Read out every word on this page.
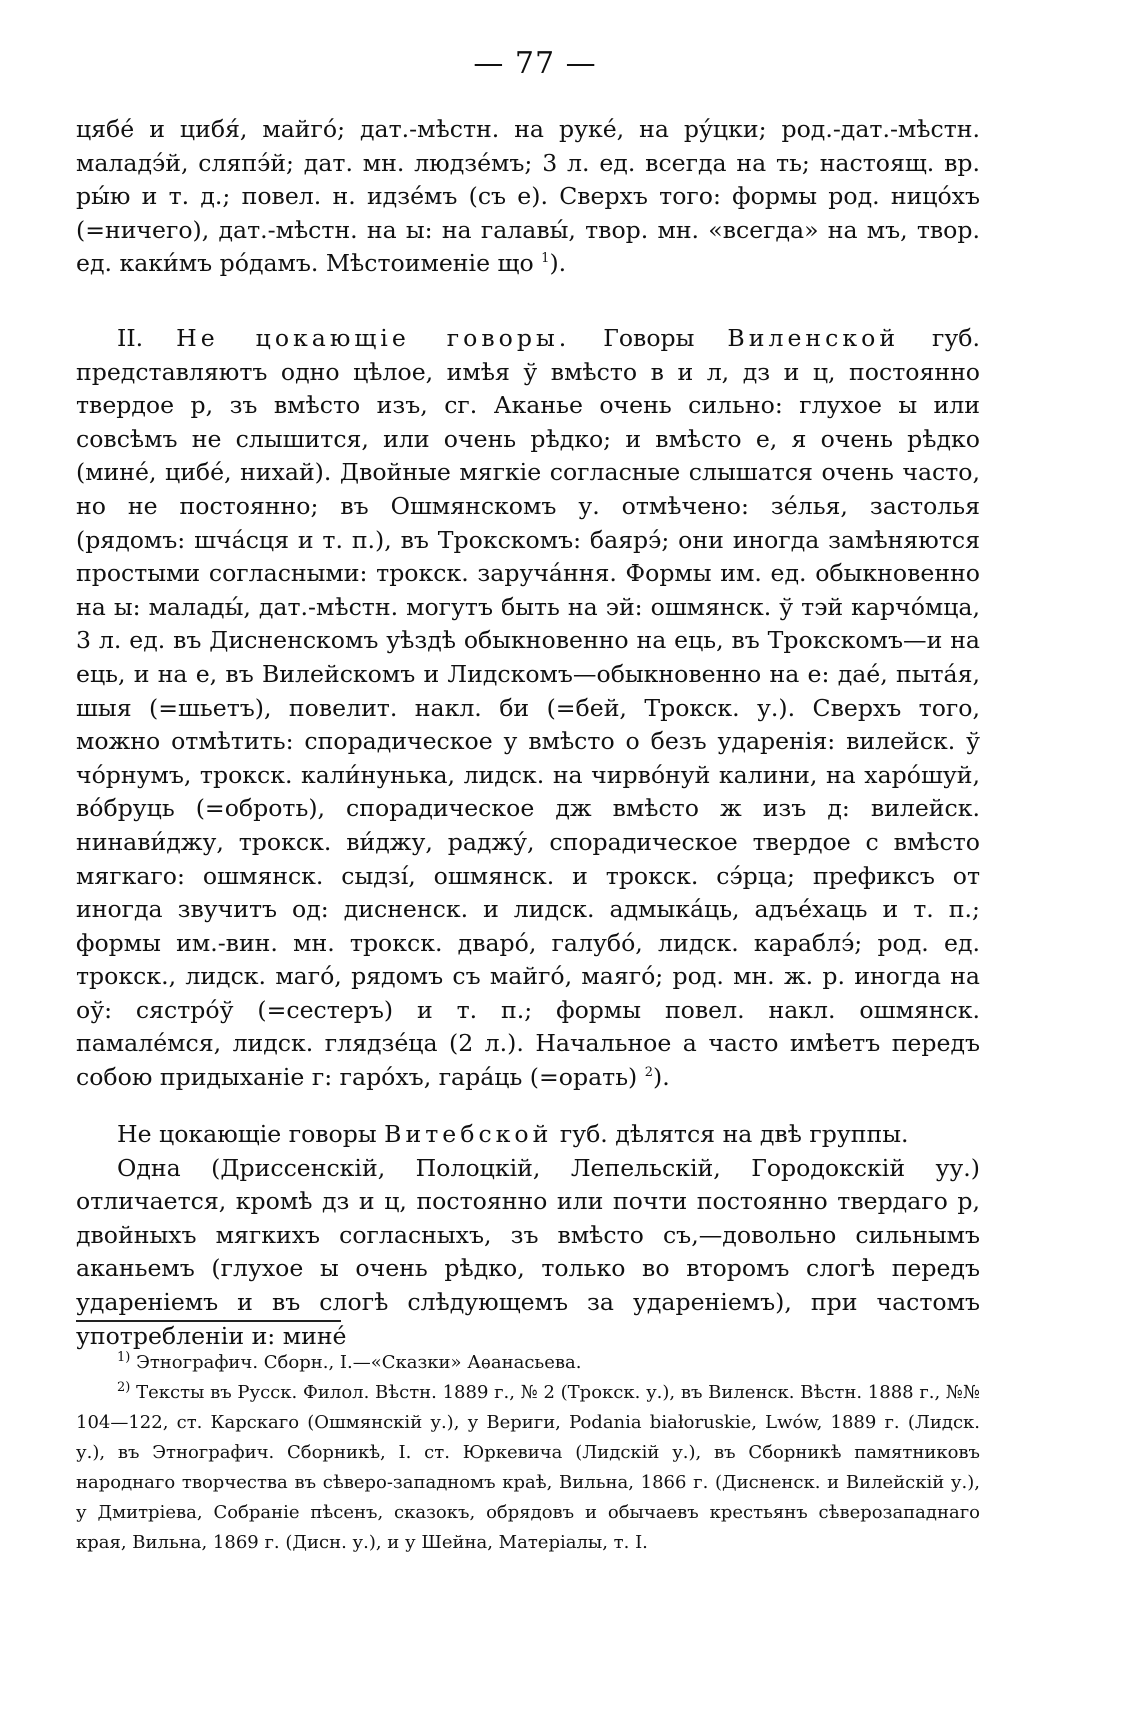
— 77 —

цябе́ и цибя́, майго́; дат.-мѣстн. на руке́, на ру́цки; род.-дат.-мѣстн. маладэ́й, сляпэ́й; дат. мн. людзе́мъ; 3 л. ед. всегда на ть; настоящ. вр. ры́ю и т. д.; повел. н. идзе́мъ (съ е). Сверхъ того: формы род. ницо́хъ (=ничего), дат.-мѣстн. на ы: на галавы́, твор. мн. «всегда» на мъ, твор. ед. каки́мъ ро́дамъ. Мѣстоименіе що $^1$).

II. Не цокающіе говоры. Говоры Виленской губ. представляютъ одно цѣлое, имѣя ў вмѣсто в и л, дз и ц, постоянно твердое р, зъ вмѣсто изъ, сг. Аканье очень сильно: глухое ы или совсѣмъ не слышится, или очень рѣдко; и вмѣсто е, я очень рѣдко (мине́, цибе́, нихай). Двойные мягкіе согласные слышатся очень часто, но не постоянно; въ Ошмянскомъ у. отмѣчено: зе́лья, застолья (рядомъ: шча́сця и т. п.), въ Трокскомъ: баярэ́; они иногда замѣняются простыми согласными: трокск. заруча́ння. Формы им. ед. обыкновенно на ы: малады́, дат.-мѣстн. могутъ быть на эй: ошмянск. ў тэй карчо́мца, 3 л. ед. въ Дисненскомъ уѣздѣ обыкновенно на ець, въ Трокскомъ—и на ець, и на е, въ Вилейскомъ и Лидскомъ—обыкновенно на е: дае́, пыта́я, шыя (=шьетъ), повелит. накл. би (=бей, Трокск. у.). Сверхъ того, можно отмѣтить: спорадическое у вмѣсто о безъ ударенія: вилейск. ў чо́рнумъ, трокск. кали́нунька, лидск. на чирво́нуй калини, на харо́шуй, во́бруць (=оброть), спорадическое дж вмѣсто ж изъ д: вилейск. нинави́джу, трокск. ви́джу, раджу́, спорадическое твердое с вмѣсто мягкаго: ошмянск. сыдзі́, ошмянск. и трокск. сэ́рца; префиксъ от иногда звучитъ од: дисненск. и лидск. адмыка́ць, адъе́хаць и т. п.; формы им.-вин. мн. трокск. дваро́, галубо́, лидск. караблэ́; род. ед. трокск., лидск. маго́, рядомъ съ майго́, маяго́; род. мн. ж. р. иногда на оў: сястро́ў (=сестеръ) и т. п.; формы повел. накл. ошмянск. памале́мся, лидск. глядзе́ца (2 л.). Начальное а часто имѣетъ передъ собою придыханіе г: гаро́хъ, гара́ць (=орать) $^2$).

Не цокающіе говоры Витебской губ. дѣлятся на двѣ группы.

Одна (Дриссенскій, Полоцкій, Лепельскій, Городокскій уу.) отличается, кромѣ дз и ц, постоянно или почти постоянно твердаго р, двойныхъ мягкихъ согласныхъ, зъ вмѣсто съ,—довольно сильнымъ аканьемъ (глухое ы очень рѣдко, только во второмъ слогѣ передъ удареніемъ и въ слогѣ слѣдующемъ за удареніемъ), при частомъ употребленіи и: мине́

$^{1)}$ Этнографич. Сборн., I.—«Сказки» Аѳанасьева.

$^{2)}$ Тексты въ Русск. Филол. Вѣстн. 1889 г., № 2 (Трокск. у.), въ Виленск. Вѣстн. 1888 г., №№ 104—122, ст. Карскаго (Ошмянскій у.), у Вериги, Podania białoruskie, Lwów, 1889 г. (Лидск. у.), въ Этнографич. Сборникѣ, I. ст. Юркевича (Лидскій у.), въ Сборникѣ памятниковъ народнаго творчества въ сѣверо-западномъ краѣ, Вильна, 1866 г. (Дисненск. и Вилейскій у.), у Дмитріева, Собраніе пѣсенъ, сказокъ, обрядовъ и обычаевъ крестьянъ сѣверозападнаго края, Вильна, 1869 г. (Дисн. у.), и у Шейна, Матеріалы, т. I.
